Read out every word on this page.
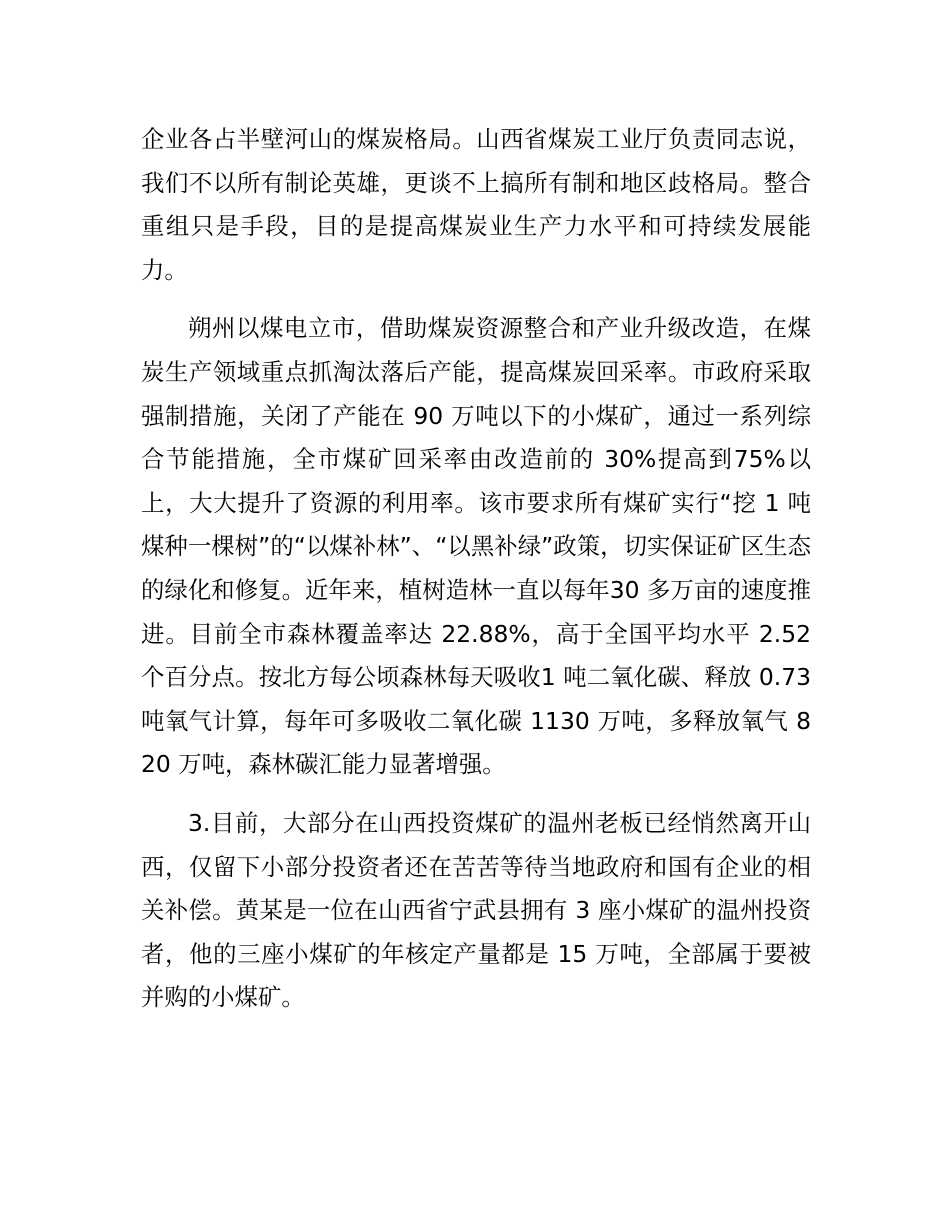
企业各占半壁河山的煤炭格局。山西省煤炭工业厅负责同志说，我们不以所有制论英雄，更谈不上搞所有制和地区歧格局。整合重组只是手段，目的是提高煤炭业生产力水平和可持续发展能力。

朔州以煤电立市，借助煤炭资源整合和产业升级改造，在煤炭生产领域重点抓淘汰落后产能，提高煤炭回采率。市政府采取强制措施，关闭了产能在 90 万吨以下的小煤矿，通过一系列综合节能措施，全市煤矿回采率由改造前的 30%提高到75%以上，大大提升了资源的利用率。该市要求所有煤矿实行“挖 1 吨煤种一棵树”的“以煤补林”、“以黑补绿”政策，切实保证矿区生态的绿化和修复。近年来，植树造林一直以每年30 多万亩的速度推进。目前全市森林覆盖率达 22.88%，高于全国平均水平 2.52 个百分点。按北方每公顷森林每天吸收1 吨二氧化碳、释放 0.73 吨氧气计算，每年可多吸收二氧化碳 1130 万吨，多释放氧气 820 万吨，森林碳汇能力显著增强。

3.目前，大部分在山西投资煤矿的温州老板已经悄然离开山西，仅留下小部分投资者还在苦苦等待当地政府和国有企业的相关补偿。黄某是一位在山西省宁武县拥有 3 座小煤矿的温州投资者，他的三座小煤矿的年核定产量都是 15 万吨，全部属于要被并购的小煤矿。
